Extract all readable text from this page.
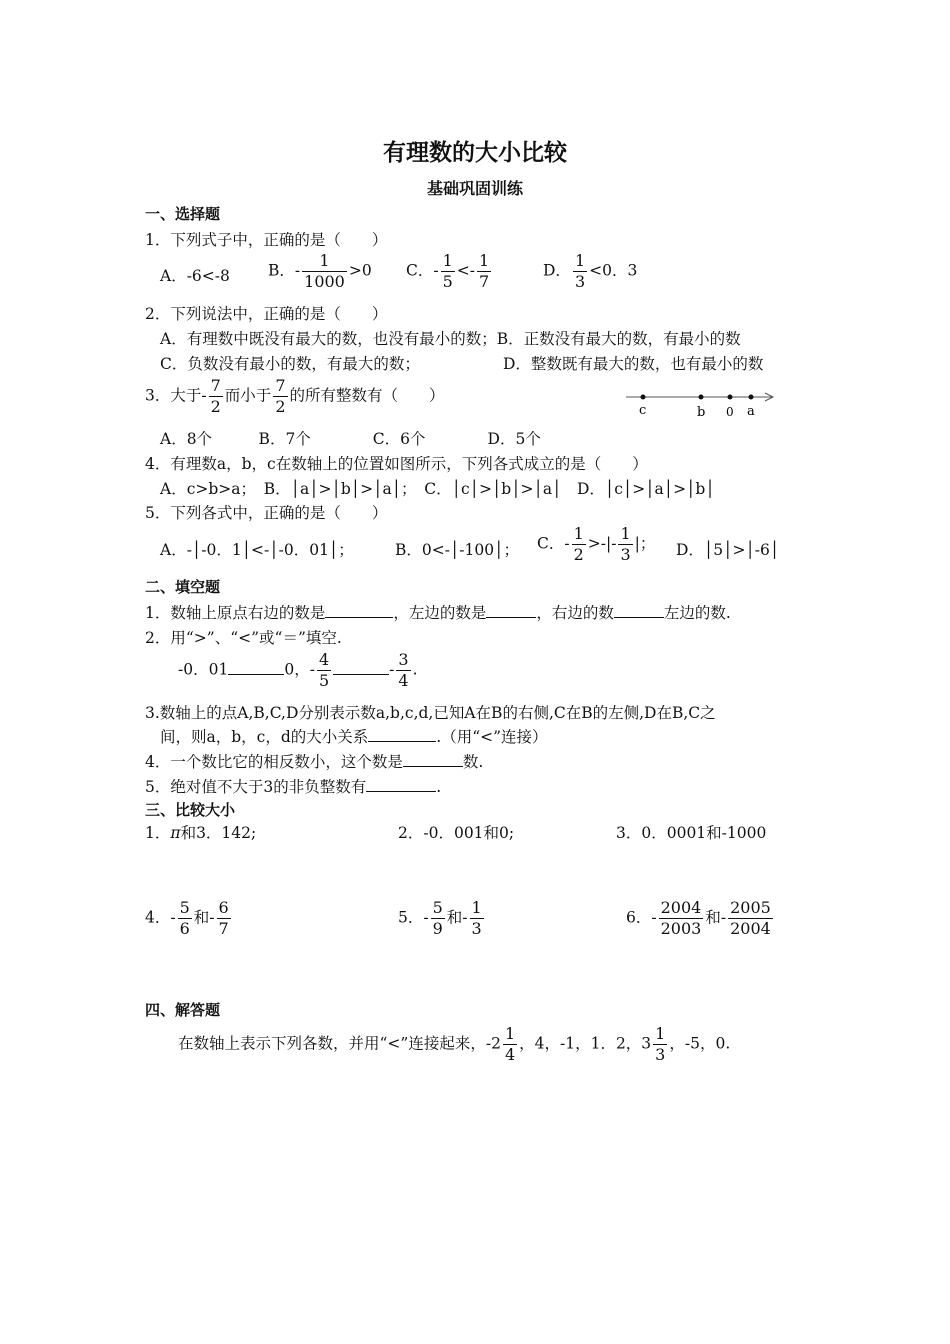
有理数的大小比较
基础巩固训练
一、选择题
1．下列式子中，正确的是（　　）
A．-6<-8 B．- $\frac{1}{1000} >0$ C．- $\frac{1}{5} <- \frac{1}{7}$	D． $\frac{1}{3} <0$．3
2．下列说法中，正确的是（　　）
A．有理数中既没有最大的数，也没有最小的数；B．正数没有最大的数，有最小的数
C．负数没有最小的数，有最大的数；	D．整数既有最大的数，也有最小的数
3．大于- $\frac{7}{2}$ 而小于 $\frac{7}{2}$ 的所有整数有（　　）
A．8个　　　B．7个　　　　C．6个　　　　D．5个
c	b 0 a
4．有理数a，b，c在数轴上的位置如图所示，下列各式成立的是（　　）
A．c>b>a；　B．│a│>│b│>│a│；　C．│c│>│b│>│a│　D．│c│>│a│>│b│
5．下列各式中，正确的是（　　）
A．-│-0．1│<-│-0．01│；	B．0<-│-100│； C．- $\frac{1}{2}$ >-|- $\frac{1}{3}$ |； D．│5│>│-6│
二、填空题
1．数轴上原点右边的数是	，左边的数是	，右边的数	左边的数.
2．用“>”、“<”或“＝”填空.
-0．01	0，- $\frac{4}{5}$	- $\frac{3}{4}$ .
3.数轴上的点A,B,C,D分别表示数a,b,c,d,已知A在B的右侧,C在B的左侧,D在B,C之
间，则a，b，c，d的大小关系	.（用“<”连接）
4．一个数比它的相反数小，这个数是	数.
5．绝对值不大于3的非负整数有	.
三、比较大小
1．π和3．142;	2．-0．001和0;	3．0．0001和-1000
4．- $\frac{5}{6}$ 和- $\frac{6}{7}$	5．- $\frac{5}{9}$ 和- $\frac{1}{3}$	6．- $\frac{2004}{2003}$ 和- $\frac{2005}{2004}$
四、解答题
在数轴上表示下列各数，并用“<”连接起来，$-2 \frac{1}{4}$ ，4，-1，1．2，$3 \frac{1}{3}$ ，-5，0.
